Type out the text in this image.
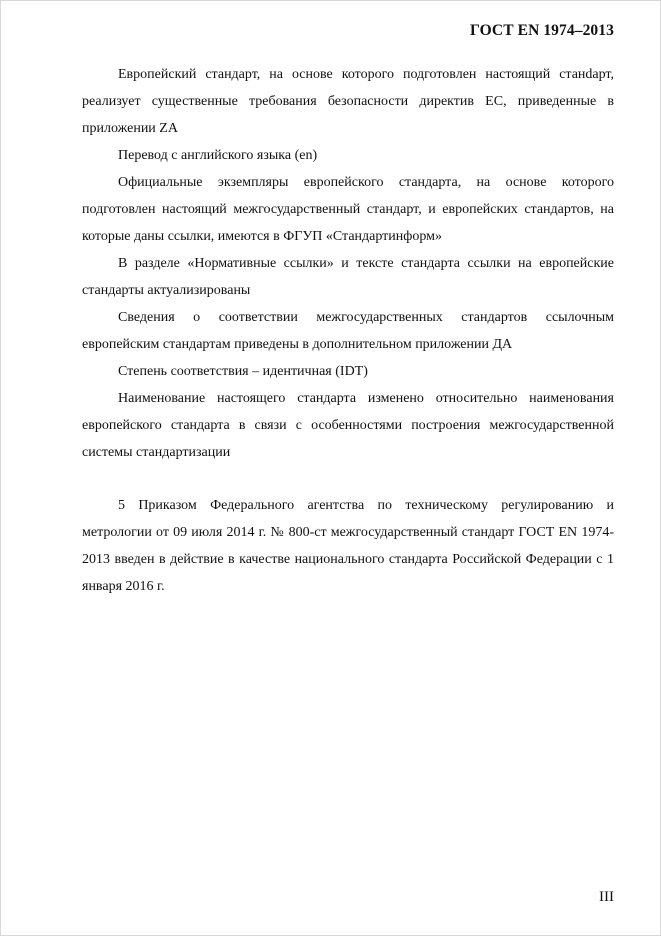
ГОСТ EN 1974–2013

Европейский стандарт, на основе которого подготовлен настоящий станdарт, реализует существенные требования безопасности директив ЕС, приведенные в приложении ZA

Перевод с английского языка (en)

Официальные экземпляры европейского стандарта, на основе которого подготовлен настоящий межгосударственный стандарт, и европейских стандартов, на которые даны ссылки, имеются в ФГУП «Стандартинформ»

В разделе «Нормативные ссылки» и тексте стандарта ссылки на европейские стандарты актуализированы

Сведения о соответствии межгосударственных стандартов ссылочным европейским стандартам приведены в дополнительном приложении ДА

Степень соответствия – идентичная (IDT)

Наименование настоящего стандарта изменено относительно наименования европейского стандарта в связи с особенностями построения межгосударственной системы стандартизации

5 Приказом Федерального агентства по техническому регулированию и метрологии от 09 июля 2014 г. № 800-ст межгосударственный стандарт ГОСТ EN 1974-2013 введен в действие в качестве национального стандарта Российской Федерации с 1 января 2016 г.

III
